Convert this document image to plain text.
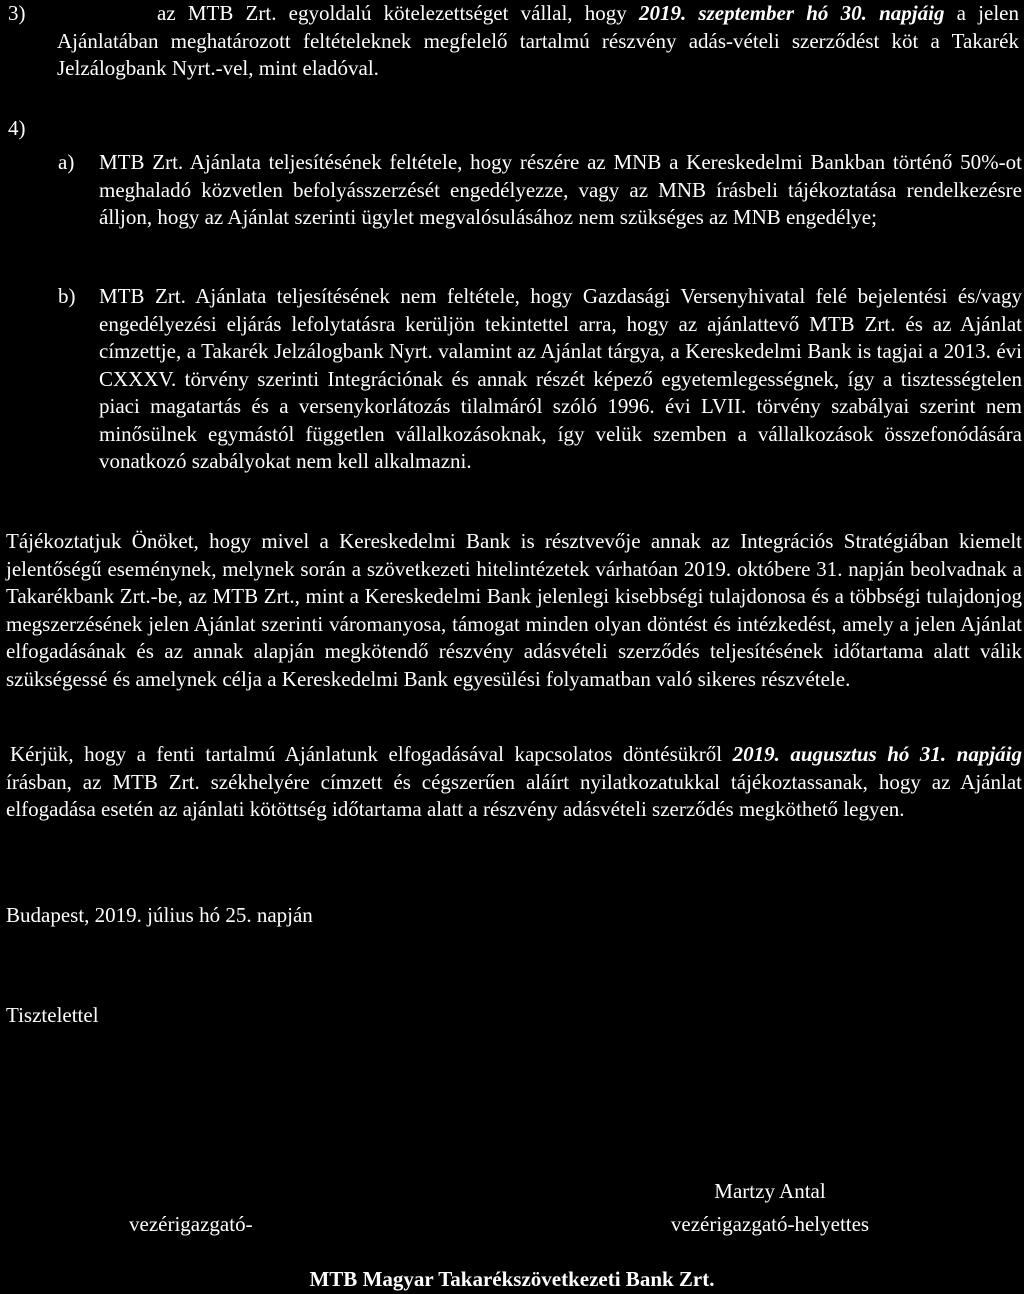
3)	az MTB Zrt. egyoldalú kötelezettséget vállal, hogy 2019. szeptember hó 30. napjáig a jelen Ajánlatában meghatározott feltételeknek megfelelő tartalmú részvény adás-vételi szerződést köt a Takarék Jelzálogbank Nyrt.-vel, mint eladóval.
4)
a) MTB Zrt. Ajánlata teljesítésének feltétele, hogy részére az MNB a Kereskedelmi Bankban történő 50%-ot meghaladó közvetlen befolyásszerzését engedélyezze, vagy az MNB írásbeli tájékoztatása rendelkezésre álljon, hogy az Ajánlat szerinti ügylet megvalósulásához nem szükséges az MNB engedélye;
b) MTB Zrt. Ajánlata teljesítésének nem feltétele, hogy Gazdasági Versenyhivatal felé bejelentési és/vagy engedélyezési eljárás lefolytatásra kerüljön tekintettel arra, hogy az ajánlattevő MTB Zrt. és az Ajánlat címzettje, a Takarék Jelzálogbank Nyrt. valamint az Ajánlat tárgya, a Kereskedelmi Bank is tagjai a 2013. évi CXXXV. törvény szerinti Integrációnak és annak részét képező egyetemlegességnek, így a tisztességtelen piaci magatartás és a versenykorlátozás tilalmáról szóló 1996. évi LVII. törvény szabályai szerint nem minősülnek egymástól független vállalkozásoknak, így velük szemben a vállalkozások összefonódására vonatkozó szabályokat nem kell alkalmazni.
Tájékoztatjuk Önöket, hogy mivel a Kereskedelmi Bank is résztvevője annak az Integrációs Stratégiában kiemelt jelentőségű eseménynek, melynek során a szövetkezeti hitelintézetek várhatóan 2019. októbere 31. napján beolvadnak a Takarékbank Zrt.-be, az MTB Zrt., mint a Kereskedelmi Bank jelenlegi kisebbségi tulajdonosa és a többségi tulajdonjog megszerzésének jelen Ajánlat szerinti váromanyosa, támogat minden olyan döntést és intézkedést, amely a jelen Ajánlat elfogadásának és az annak alapján megkötendő részvény adásvételi szerződés teljesítésének időtartama alatt válik szükségessé és amelynek célja a Kereskedelmi Bank egyesülési folyamatban való sikeres részvétele.
Kérjük, hogy a fenti tartalmú Ajánlatunk elfogadásával kapcsolatos döntésükről 2019. augusztus hó 31. napjáig írásban, az MTB Zrt. székhelyére címzett és cégszerűen aláírt nyilatkozatukkal tájékoztassanak, hogy az Ajánlat elfogadása esetén az ajánlati kötöttség időtartama alatt a részvény adásvételi szerződés megköthető legyen.
Budapest, 2019. július hó 25. napján
Tisztelettel
vezérigazgató-
Martzy Antal
vezérigazgató-helyettes
MTB Magyar Takarékszövetkezeti Bank Zrt.
